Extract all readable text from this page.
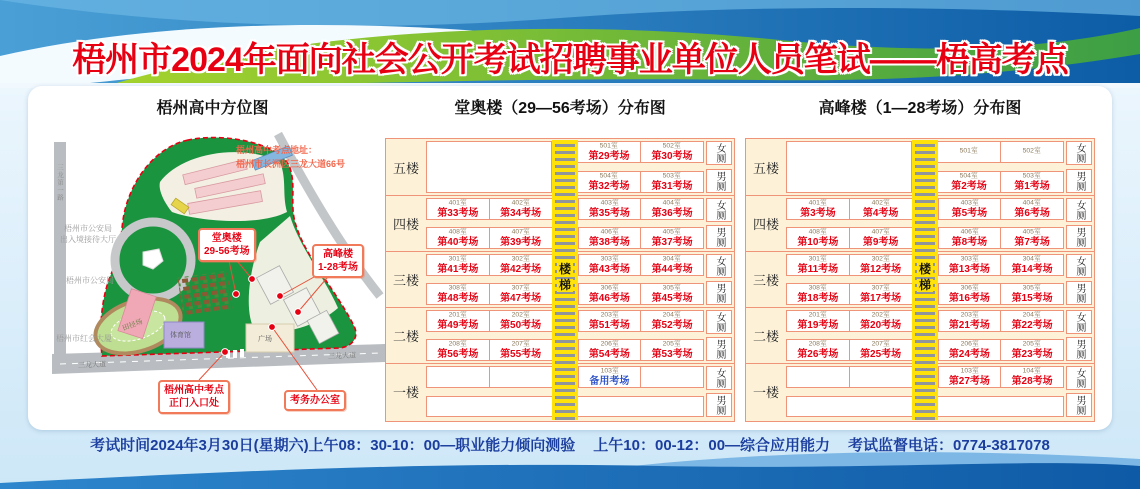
梧州市2024年面向社会公开考试招聘事业单位人员笔试——梧高考点
梧州高中方位图	堂奥楼（29—56考场）分布图	高峰楼（1—28考场）分布图
梧州高中考点地址：
梧州市长洲区三龙大道66号
梧州市公安局
出入境接待大厅
梧州市公安局
梧州市红会大厦
三龙第一路
三龙大道
三龙大道
体育馆
广场
田径场
堂奥楼
29-56考场	高峰楼
1-28考场
梧州高中考点
正门入口处	考务办公室
五楼
501室
第29考场
502室
第30考场
504室
第32考场
503室
第31考场
女厕
男厕
四楼
401室
第33考场
402室
第34考场
403室
第35考场
404室
第36考场
408室
第40考场
407室
第39考场
406室
第38考场
405室
第37考场
女厕
男厕
三楼
301室
第41考场
302室
第42考场
303室
第43考场
304室
第44考场
308室
第48考场
307室
第47考场
306室
第46考场
305室
第45考场
女厕
男厕
二楼
201室
第49考场
202室
第50考场
203室
第51考场
204室
第52考场
208室
第56考场
207室
第55考场
206室
第54考场
205室
第53考场
女厕
男厕
一楼
103室
备用考场	女厕
男厕
楼
梯
五楼
501室	502室
504室
第2考场
503室
第1考场
女厕
男厕
四楼
401室
第3考场
402室
第4考场
403室
第5考场
404室
第6考场
408室
第10考场
407室
第9考场
406室
第8考场
405室
第7考场
女厕
男厕
三楼
301室
第11考场
302室
第12考场
303室
第13考场
304室
第14考场
308室
第18考场
307室
第17考场
306室
第16考场
305室
第15考场
女厕
男厕
二楼
201室
第19考场
202室
第20考场
203室
第21考场
204室
第22考场
208室
第26考场
207室
第25考场
206室
第24考场
205室
第23考场
女厕
男厕
一楼
103室
第27考场
104室
第28考场	女厕
男厕
楼
梯
考试时间2024年3月30日(星期六)上午08：30-10：00—职业能力倾向测验 上午10：00-12：00—综合应用能力 考试监督电话：0774-3817078
